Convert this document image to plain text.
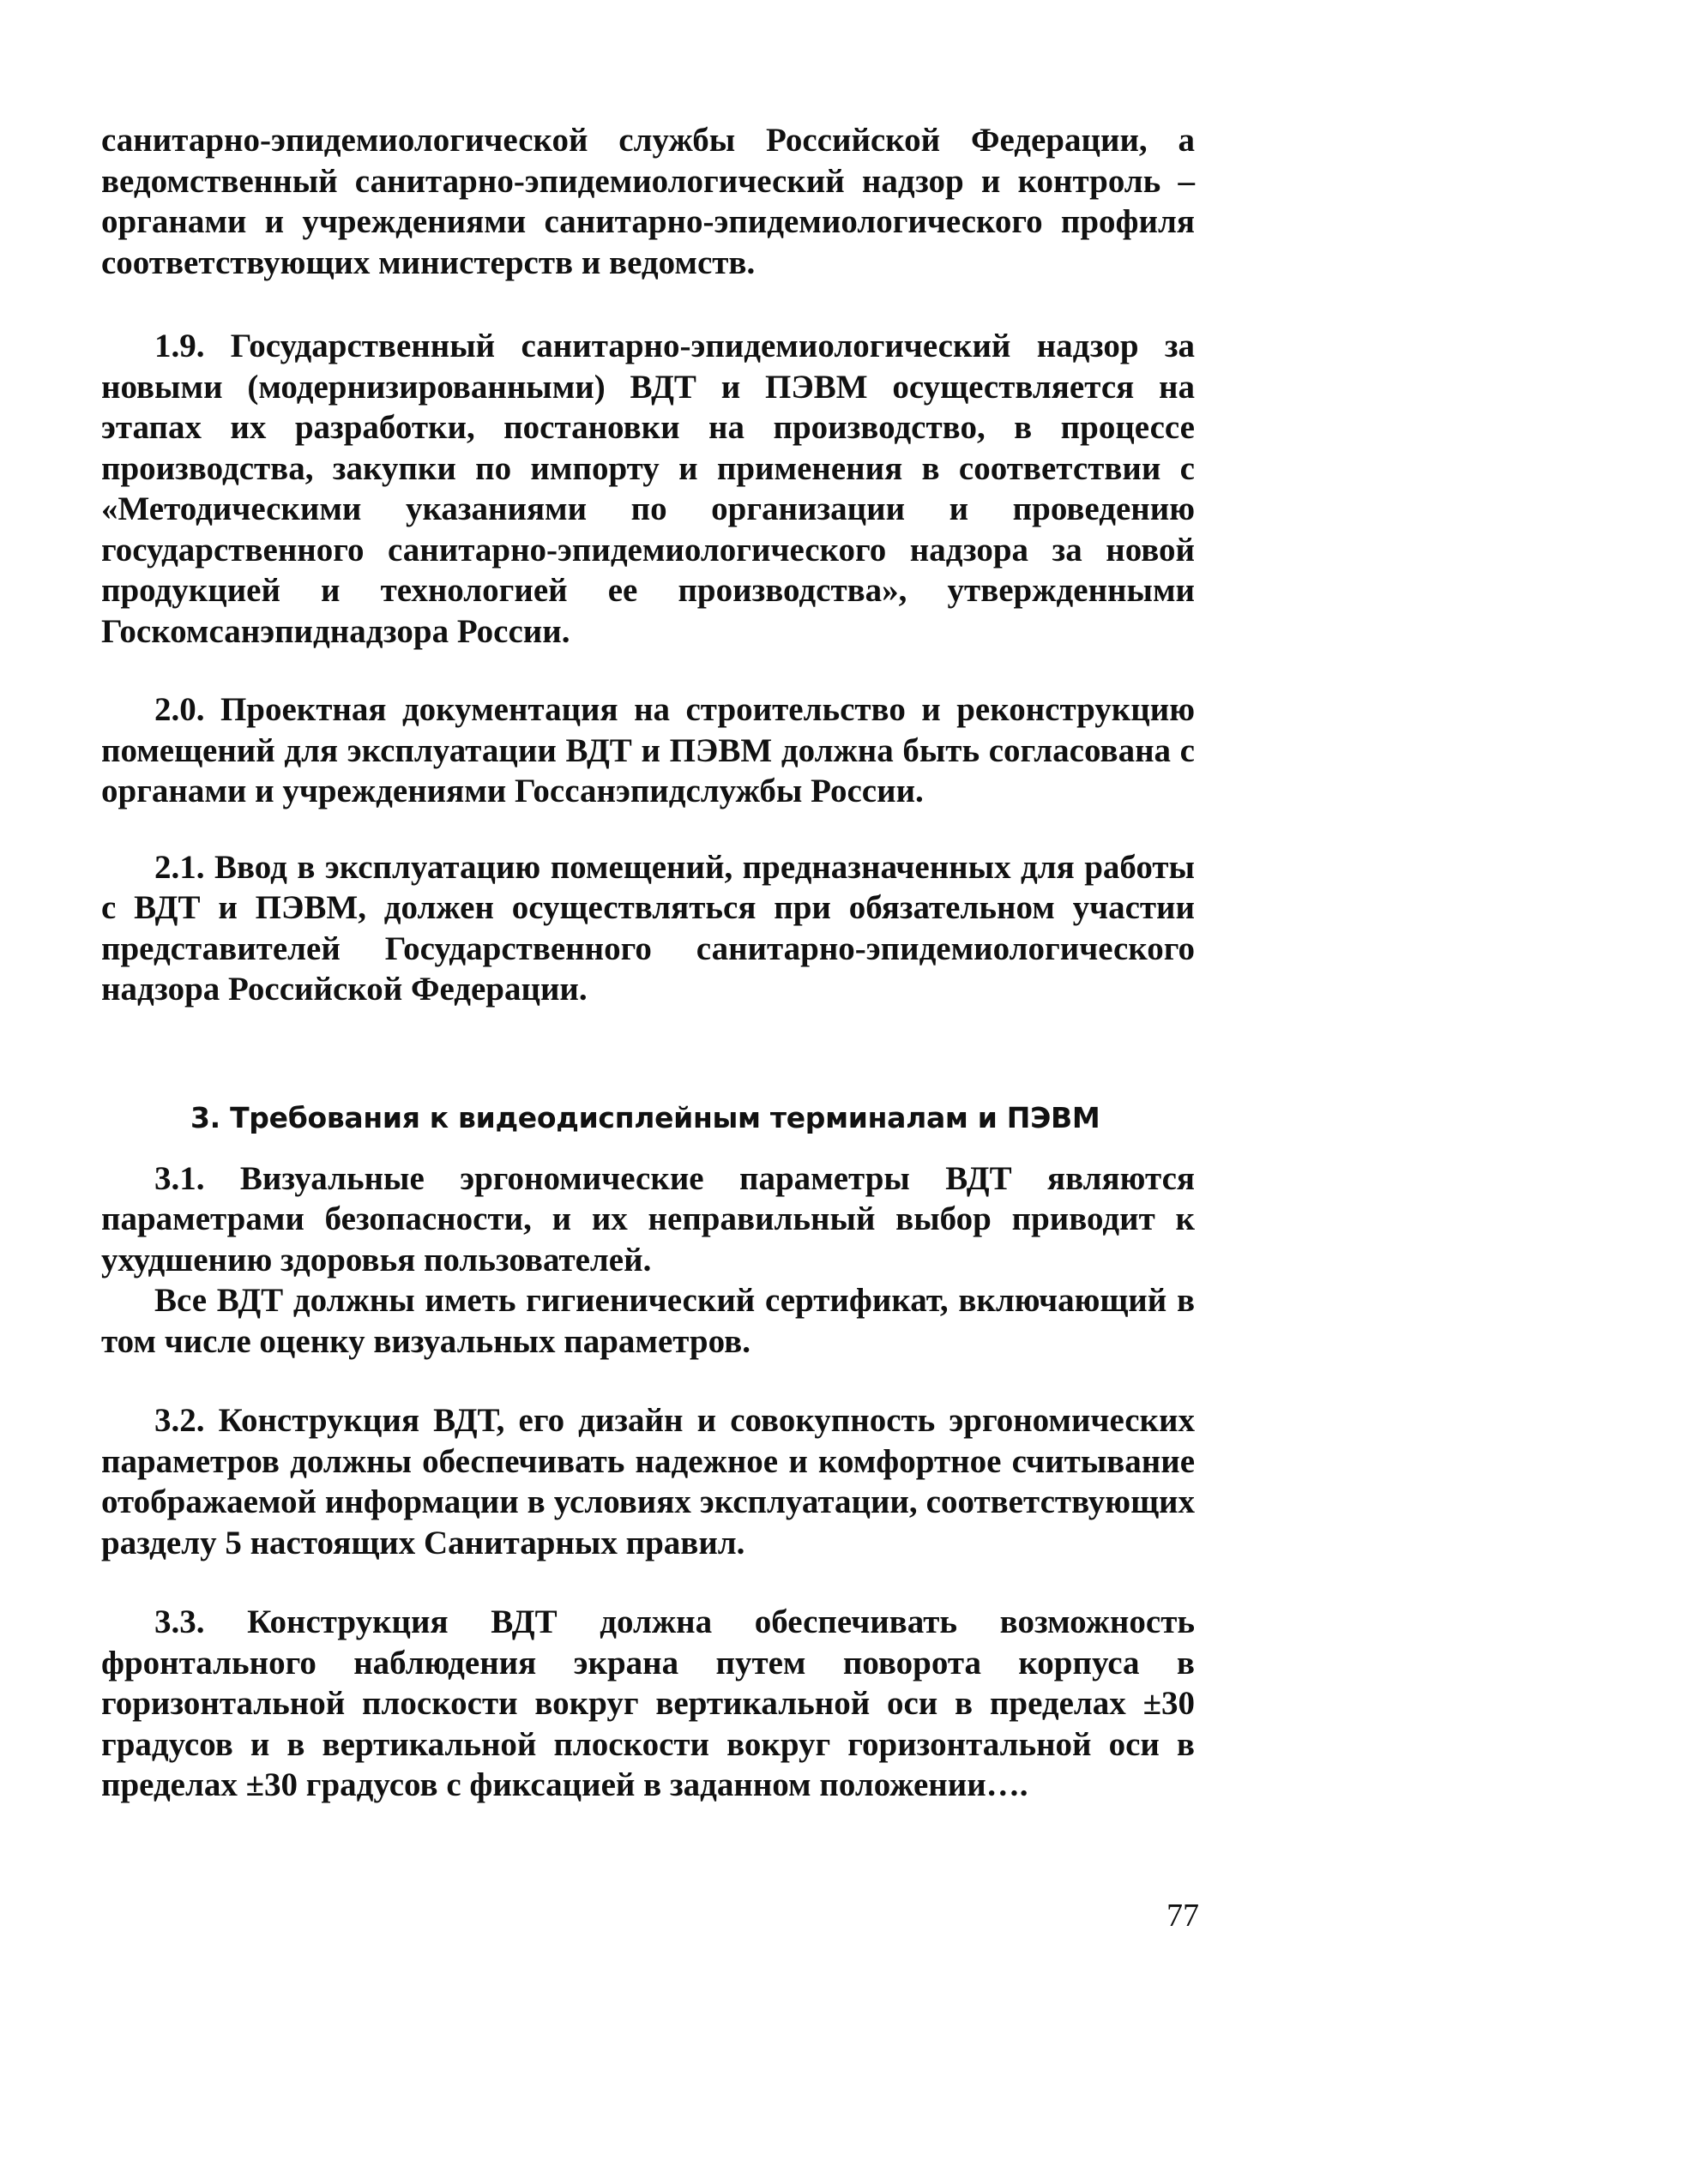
санитарно-эпидемиологической службы Российской Федерации, а ведомственный санитарно-эпидемиологический надзор и контроль – органами и учреждениями санитарно-эпидемиологического профиля соответствующих министерств и ведомств.

1.9. Государственный санитарно-эпидемиологический надзор за новыми (модернизированными) ВДТ и ПЭВМ осуществляется на этапах их разработки, постановки на производство, в процессе производства, закупки по импорту и применения в соответствии с «Методическими указаниями по организации и проведению государственного санитарно-эпидемиологического надзора за новой продукцией и технологией ее производства», утвержденными Госкомсанэпиднадзора России.

2.0. Проектная документация на строительство и реконструкцию помещений для эксплуатации ВДТ и ПЭВМ должна быть согласована с органами и учреждениями Госсанэпидслужбы России.

2.1. Ввод в эксплуатацию помещений, предназначенных для работы с ВДТ и ПЭВМ, должен осуществляться при обязательном участии представителей Государственного санитарно-эпидемиологического надзора Российской Федерации.

3. Требования к видеодисплейным терминалам и ПЭВМ

3.1. Визуальные эргономические параметры ВДТ являются параметрами безопасности, и их неправильный выбор приводит к ухудшению здоровья пользователей.

Все ВДТ должны иметь гигиенический сертификат, включающий в том числе оценку визуальных параметров.

3.2. Конструкция ВДТ, его дизайн и совокупность эргономических параметров должны обеспечивать надежное и комфортное считывание отображаемой информации в условиях эксплуатации, соответствующих разделу 5 настоящих Санитарных правил.

3.3. Конструкция ВДТ должна обеспечивать возможность фронтального наблюдения экрана путем поворота корпуса в горизонтальной плоскости вокруг вертикальной оси в пределах ±30 градусов и в вертикальной плоскости вокруг горизонтальной оси в пределах ±30 градусов с фиксацией в заданном положении….

77
